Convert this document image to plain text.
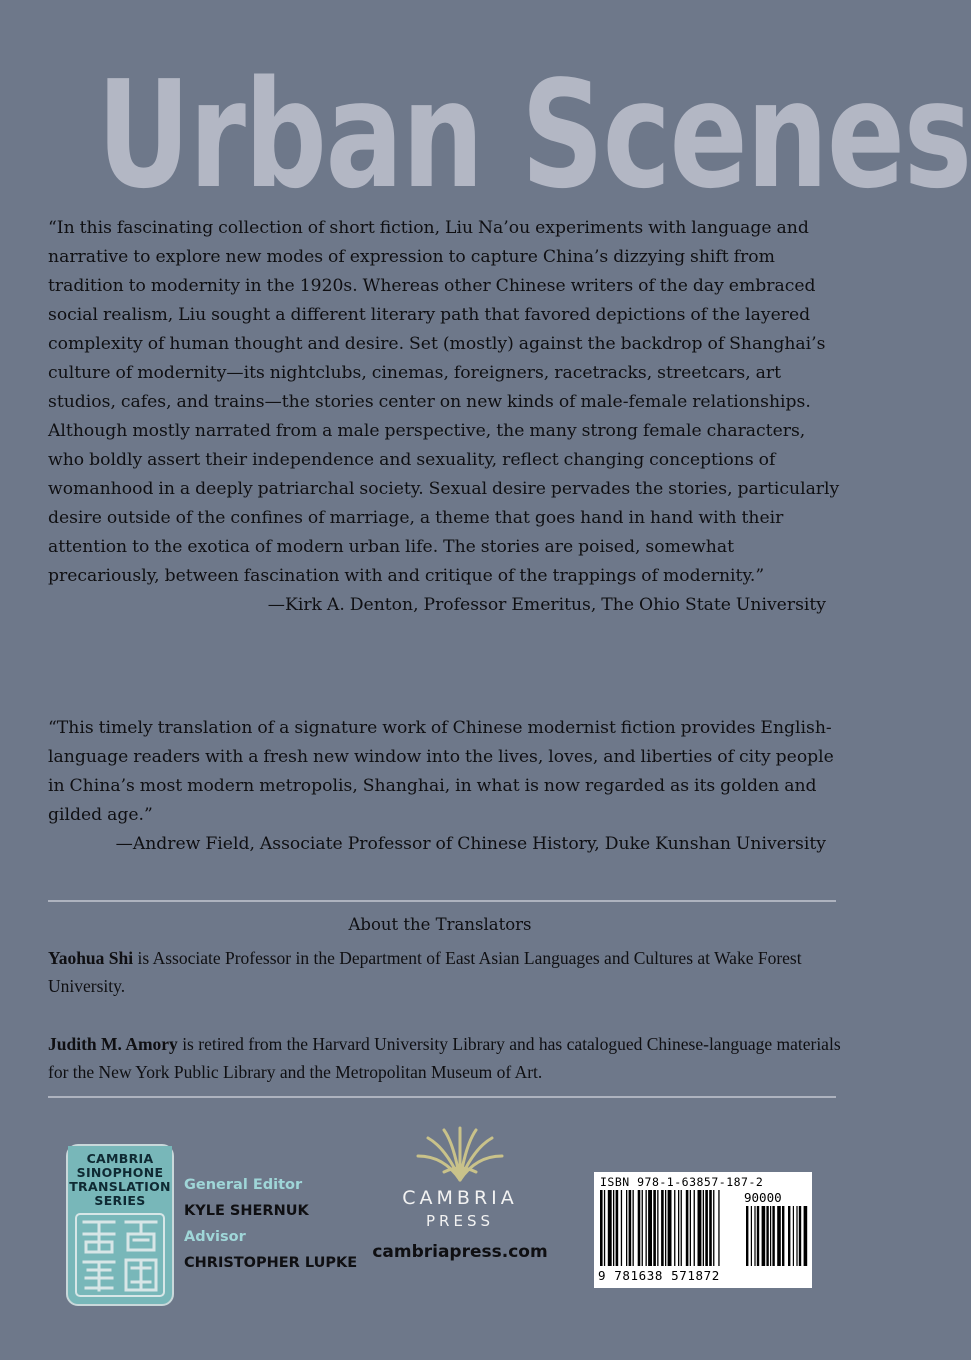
Urban Scenes
“In this fascinating collection of short fiction, Liu Na’ou experiments with language and narrative to explore new modes of expression to capture China’s dizzying shift from tradition to modernity in the 1920s. Whereas other Chinese writers of the day embraced social realism, Liu sought a different literary path that favored depictions of the layered complexity of human thought and desire. Set (mostly) against the backdrop of Shanghai’s culture of modernity—its nightclubs, cinemas, foreigners, racetracks, streetcars, art studios, cafes, and trains—the stories center on new kinds of male-female relationships. Although mostly narrated from a male perspective, the many strong female characters, who boldly assert their independence and sexuality, reflect changing conceptions of womanhood in a deeply patriarchal society. Sexual desire pervades the stories, particularly desire outside of the confines of marriage, a theme that goes hand in hand with their attention to the exotica of modern urban life. The stories are poised, somewhat precariously, between fascination with and critique of the trappings of modernity.”
—Kirk A. Denton, Professor Emeritus, The Ohio State University
“This timely translation of a signature work of Chinese modernist fiction provides English-language readers with a fresh new window into the lives, loves, and liberties of city people in China’s most modern metropolis, Shanghai, in what is now regarded as its golden and gilded age.”
—Andrew Field, Associate Professor of Chinese History, Duke Kunshan University
About the Translators
Yaohua Shi is Associate Professor in the Department of East Asian Languages and Cultures at Wake Forest University.
Judith M. Amory is retired from the Harvard University Library and has catalogued Chinese-language materials for the New York Public Library and the Metropolitan Museum of Art.
CAMBRIA
SINOPHONE
TRANSLATION
SERIES
General Editor
KYLE SHERNUK
Advisor
CHRISTOPHER LUPKE
CAMBRIA
PRESS
cambriapress.com
ISBN 978-1-63857-187-2
90000
9 781638 571872
